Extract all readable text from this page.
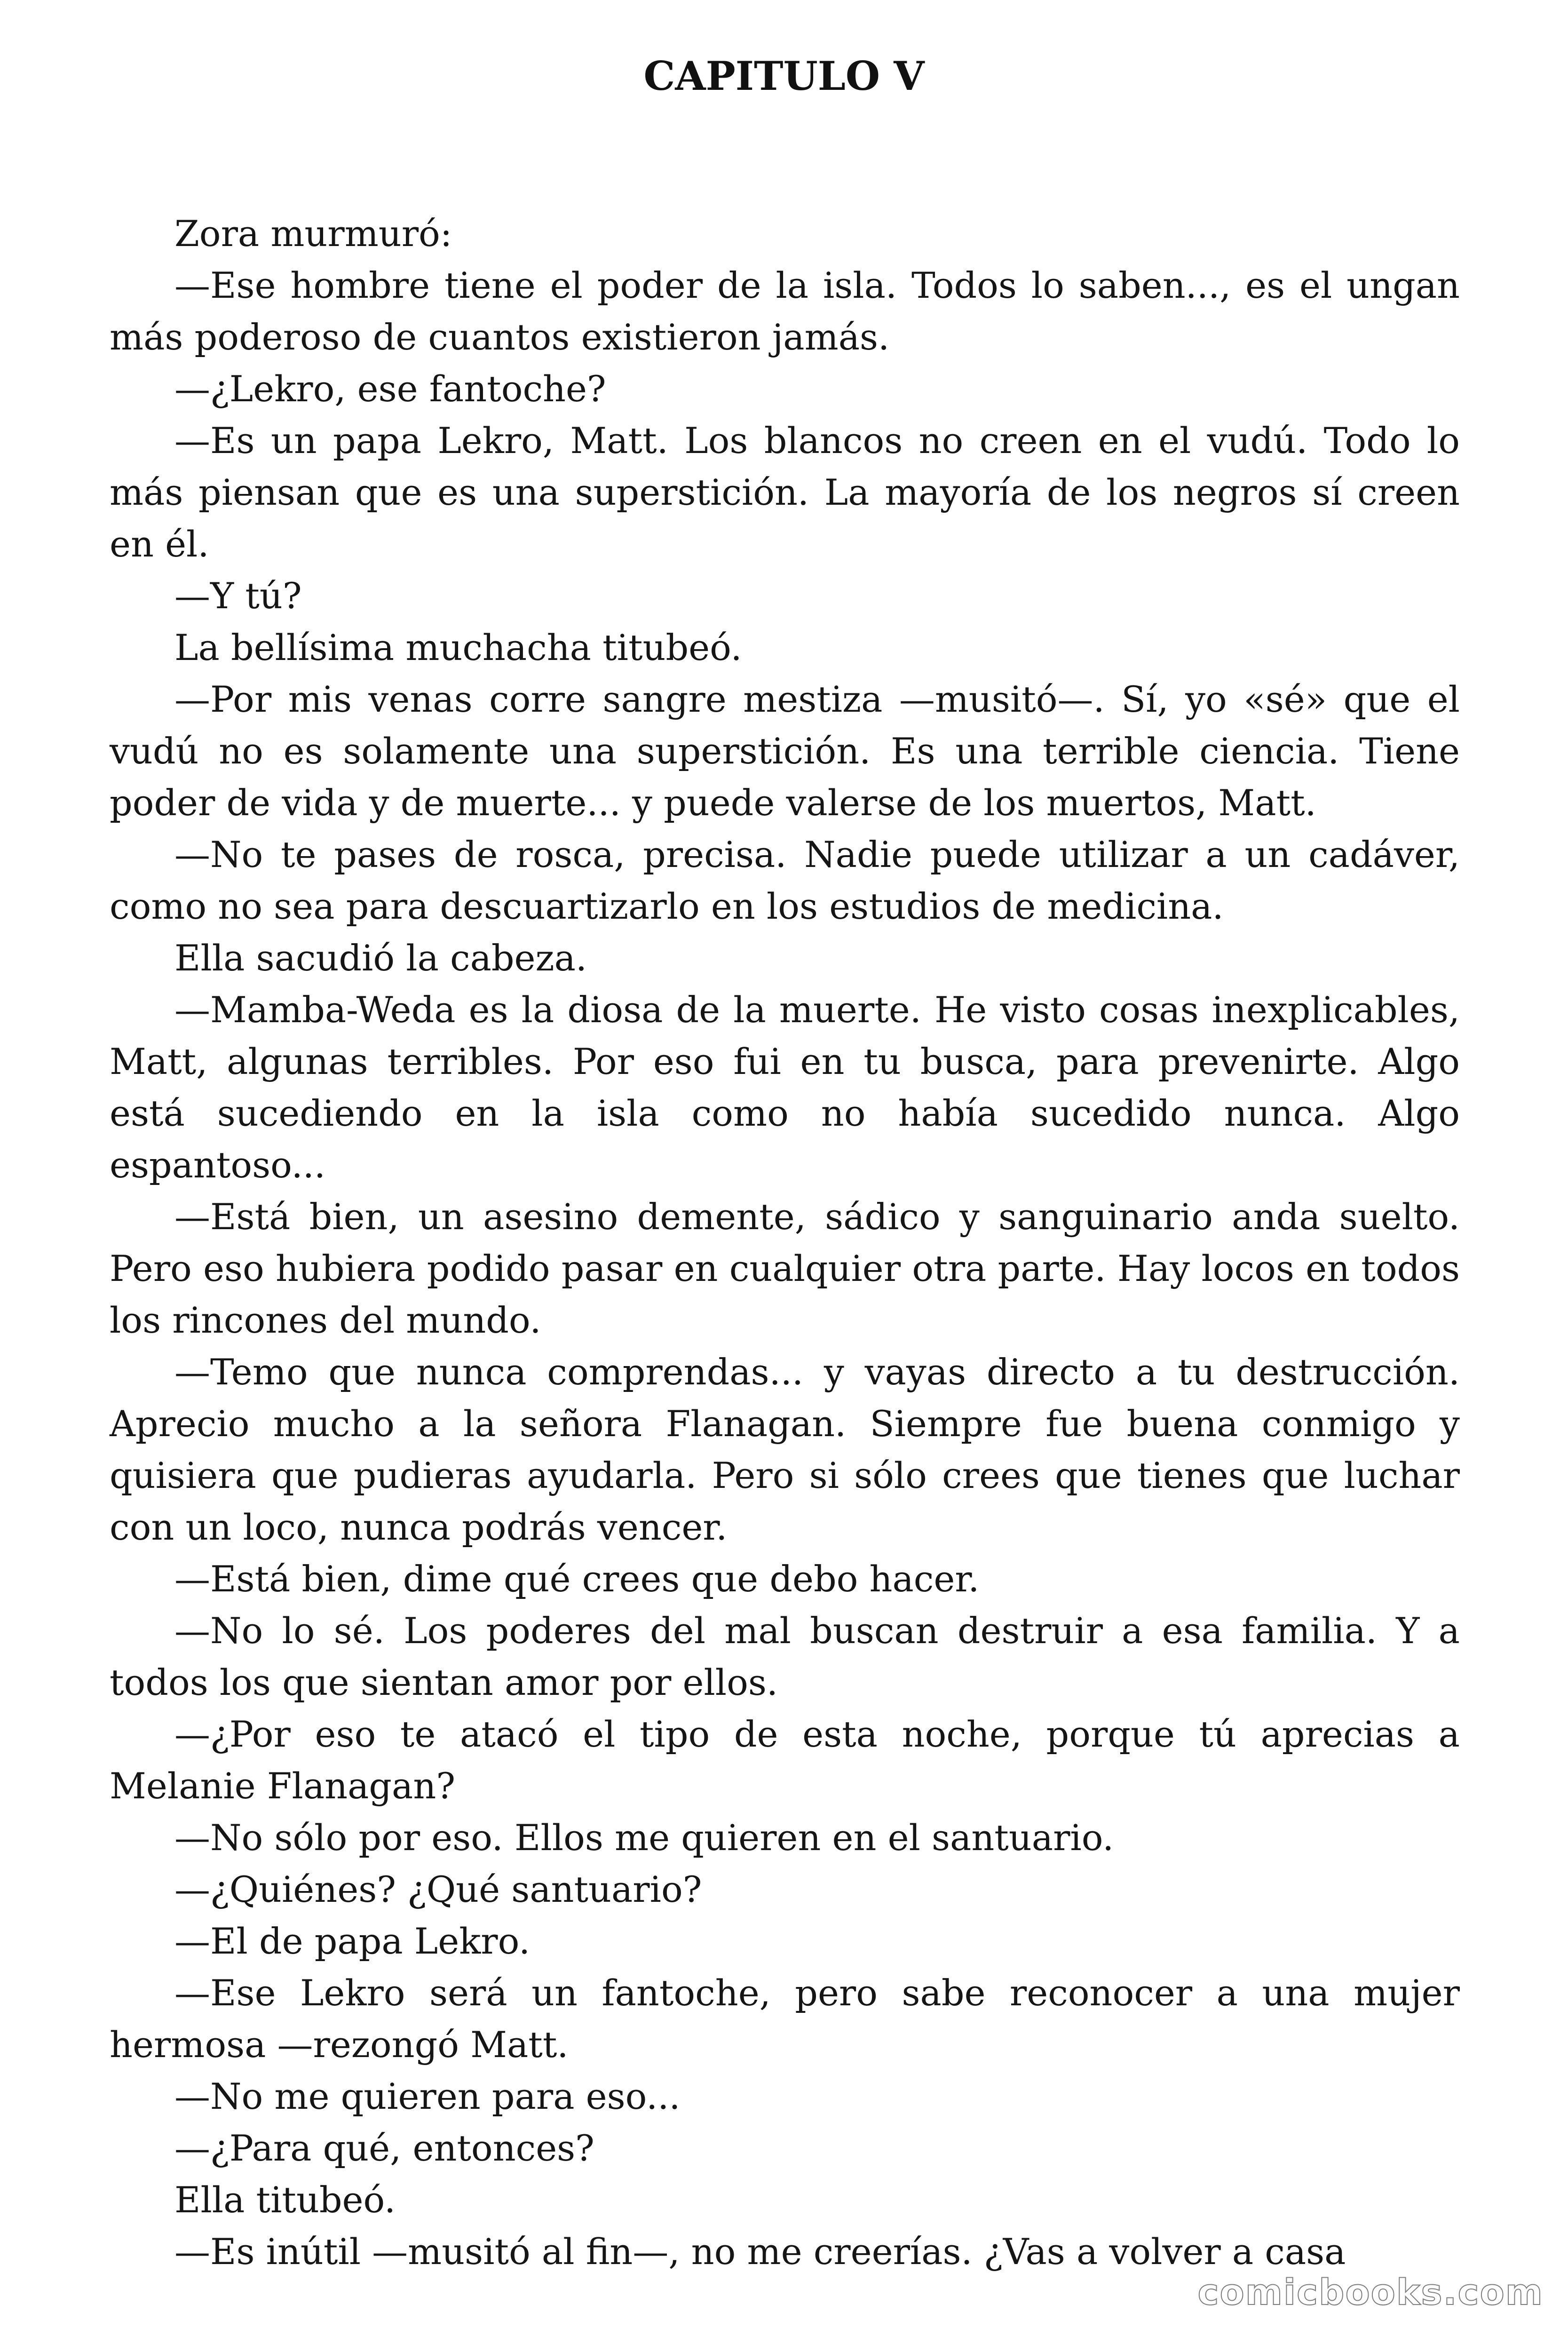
CAPITULO V

Zora murmuró:

—Ese hombre tiene el poder de la isla. Todos lo saben..., es el ungan más poderoso de cuantos existieron jamás.

—¿Lekro, ese fantoche?

—Es un papa Lekro, Matt. Los blancos no creen en el vudú. Todo lo más piensan que es una superstición. La mayoría de los negros sí creen en él.

—Y tú?

La bellísima muchacha titubeó.

—Por mis venas corre sangre mestiza —musitó—. Sí, yo «sé» que el vudú no es solamente una superstición. Es una terrible ciencia. Tiene poder de vida y de muerte... y puede valerse de los muertos, Matt.

—No te pases de rosca, precisa. Nadie puede utilizar a un cadáver, como no sea para descuartizarlo en los estudios de medicina.

Ella sacudió la cabeza.

—Mamba-Weda es la diosa de la muerte. He visto cosas inexplicables, Matt, algunas terribles. Por eso fui en tu busca, para prevenirte. Algo está sucediendo en la isla como no había sucedido nunca. Algo espantoso...

—Está bien, un asesino demente, sádico y sanguinario anda suelto. Pero eso hubiera podido pasar en cualquier otra parte. Hay locos en todos los rincones del mundo.

—Temo que nunca comprendas... y vayas directo a tu destrucción. Aprecio mucho a la señora Flanagan. Siempre fue buena conmigo y quisiera que pudieras ayudarla. Pero si sólo crees que tienes que luchar con un loco, nunca podrás vencer.

—Está bien, dime qué crees que debo hacer.

—No lo sé. Los poderes del mal buscan destruir a esa familia. Y a todos los que sientan amor por ellos.

—¿Por eso te atacó el tipo de esta noche, porque tú aprecias a Melanie Flanagan?

—No sólo por eso. Ellos me quieren en el santuario.

—¿Quiénes? ¿Qué santuario?

—El de papa Lekro.

—Ese Lekro será un fantoche, pero sabe reconocer a una mujer hermosa —rezongó Matt.

—No me quieren para eso...

—¿Para qué, entonces?

Ella titubeó.

—Es inútil —musitó al fin—, no me creerías. ¿Vas a volver a casa

comicbooks.com
